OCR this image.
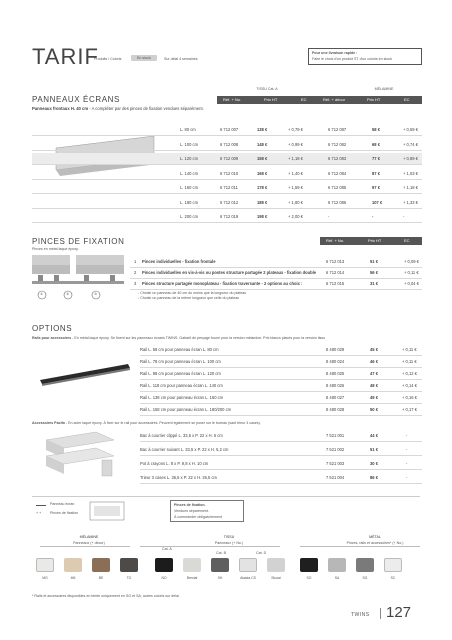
TARIF
Produits / Coloris	En stock	Sur délai 4 semaines
Pour une livraison rapide :
Faire le choix d'un produit ST d'un coloris en stock
TISSU Cat. A	MÉLAMINE
PANNEAUX ÉCRANS	Réf. + No.	Prix HT	EC	Réf. + décor	Prix HT	EC
Panneaux frontaux H. 40 cm - A compléter par des pinces de fixation vendues séparément.
L. 80 cm	6 712 007	138 €	+ 0,79 €	6 712 087	58 €	+ 0,59 €
L. 100 cm	6 712 008	148 €	+ 0,99 €	6 712 082	68 €	+ 0,74 €
L. 120 cm	6 712 009	158 €	+ 1,18 €	6 712 083	77 €	+ 0,89 €
L. 140 cm	6 712 010	168 €	+ 1,40 €	6 712 084	87 €	+ 1,03 €
L. 160 cm	6 712 011	178 €	+ 1,59 €	6 712 085	97 €	+ 1,18 €
L. 180 cm	6 712 012	188 €	+ 1,80 €	6 712 086	107 €	+ 1,33 €
L. 200 cm	6 712 019	198 €	+ 2,00 €	-	-	-
PINCES DE FIXATION	Réf. + No.	Prix HT	EC
Pinces en métal laqué époxy.
①	②	③
1 Pinces individuelles - fixation frontale	6 712 013	51 €	+ 0,09 €
2 Pinces individuelles en vis-à-vis ou postes structure partagée 2 plateaux - fixation double 6 712 014	56 €	+ 0,11 €
3 Pinces structure partagée monoplateau - fixation traversante - 2 options au choix :	6 712 015	31 €	+ 0,04 €
- Choisir un panneau de 40 cm du moins que la longueur du plateau
- Choisir un panneau de la même longueur que celle du plateau
OPTIONS
Rails pour accessoires - En métal laqué époxy. Se fixent sur les panneaux écrans TWINS. Gabarit de perçage fourni pour la version mélamine. Prix blancs placés pour la version tissu
Rail L. 58 cm pour panneau écran L. 80 cm	8 480 029	45 €	+ 0,11 €
Rail L. 78 cm pour panneau écran L. 100 cm	8 480 024	46 €	+ 0,11 €
Rail L. 98 cm pour panneau écran L. 120 cm	8 480 025	47 €	+ 0,12 €
Rail L. 118 cm pour panneau écran L. 140 cm	8 480 026	48 €	+ 0,14 €
Rail L. 138 cm pour panneau écran L. 160 cm	8 480 027	49 €	+ 0,16 €
Rail L. 158 cm pour panneau écran L. 180/200 cm	8 480 028	50 €	+ 0,17 €
Accessoires Pacifo - En acier laqué époxy. À fixer sur le rail pour accessoires. Peuvent également se poser sur le bureau (sauf trieur 3 cases).
Bac à courrier clippé L. 33,5 x P. 22 x H. 6 cm	7 521 001	44 €	-
Bac à courrier suivant L. 33,5 x P. 22 x H. 5,2 cm	7 521 002	51 €	-
Pot à crayons L. 8 x P. 9,8 x H. 10 cm	7 521 003	30 €	-
Trieur 3 cases L. 36,5 x P. 22 x H. 26,5 cm	7 521 004	86 €	-
Panneau écran
+ + Pinces de fixation
Pinces de fixation.
Vendues séparément.
À commander obligatoirement
MÉLAMINE
Panneaux (+ décor)
TISSU
Panneaux (+ No.)
Cat. A
Cat. B	Cat. D
MÉTAL
Pinces, rails et accessoires* (+ No.)
MG	M6	BE	TO	NO	Brenial	SH	Alaska CS	Stuzai	SO	SA	SG	SC
* Rails et accessoires disponibles en teinte uniquement en SO et SA, autres coloris sur délai.
TWINS 127
